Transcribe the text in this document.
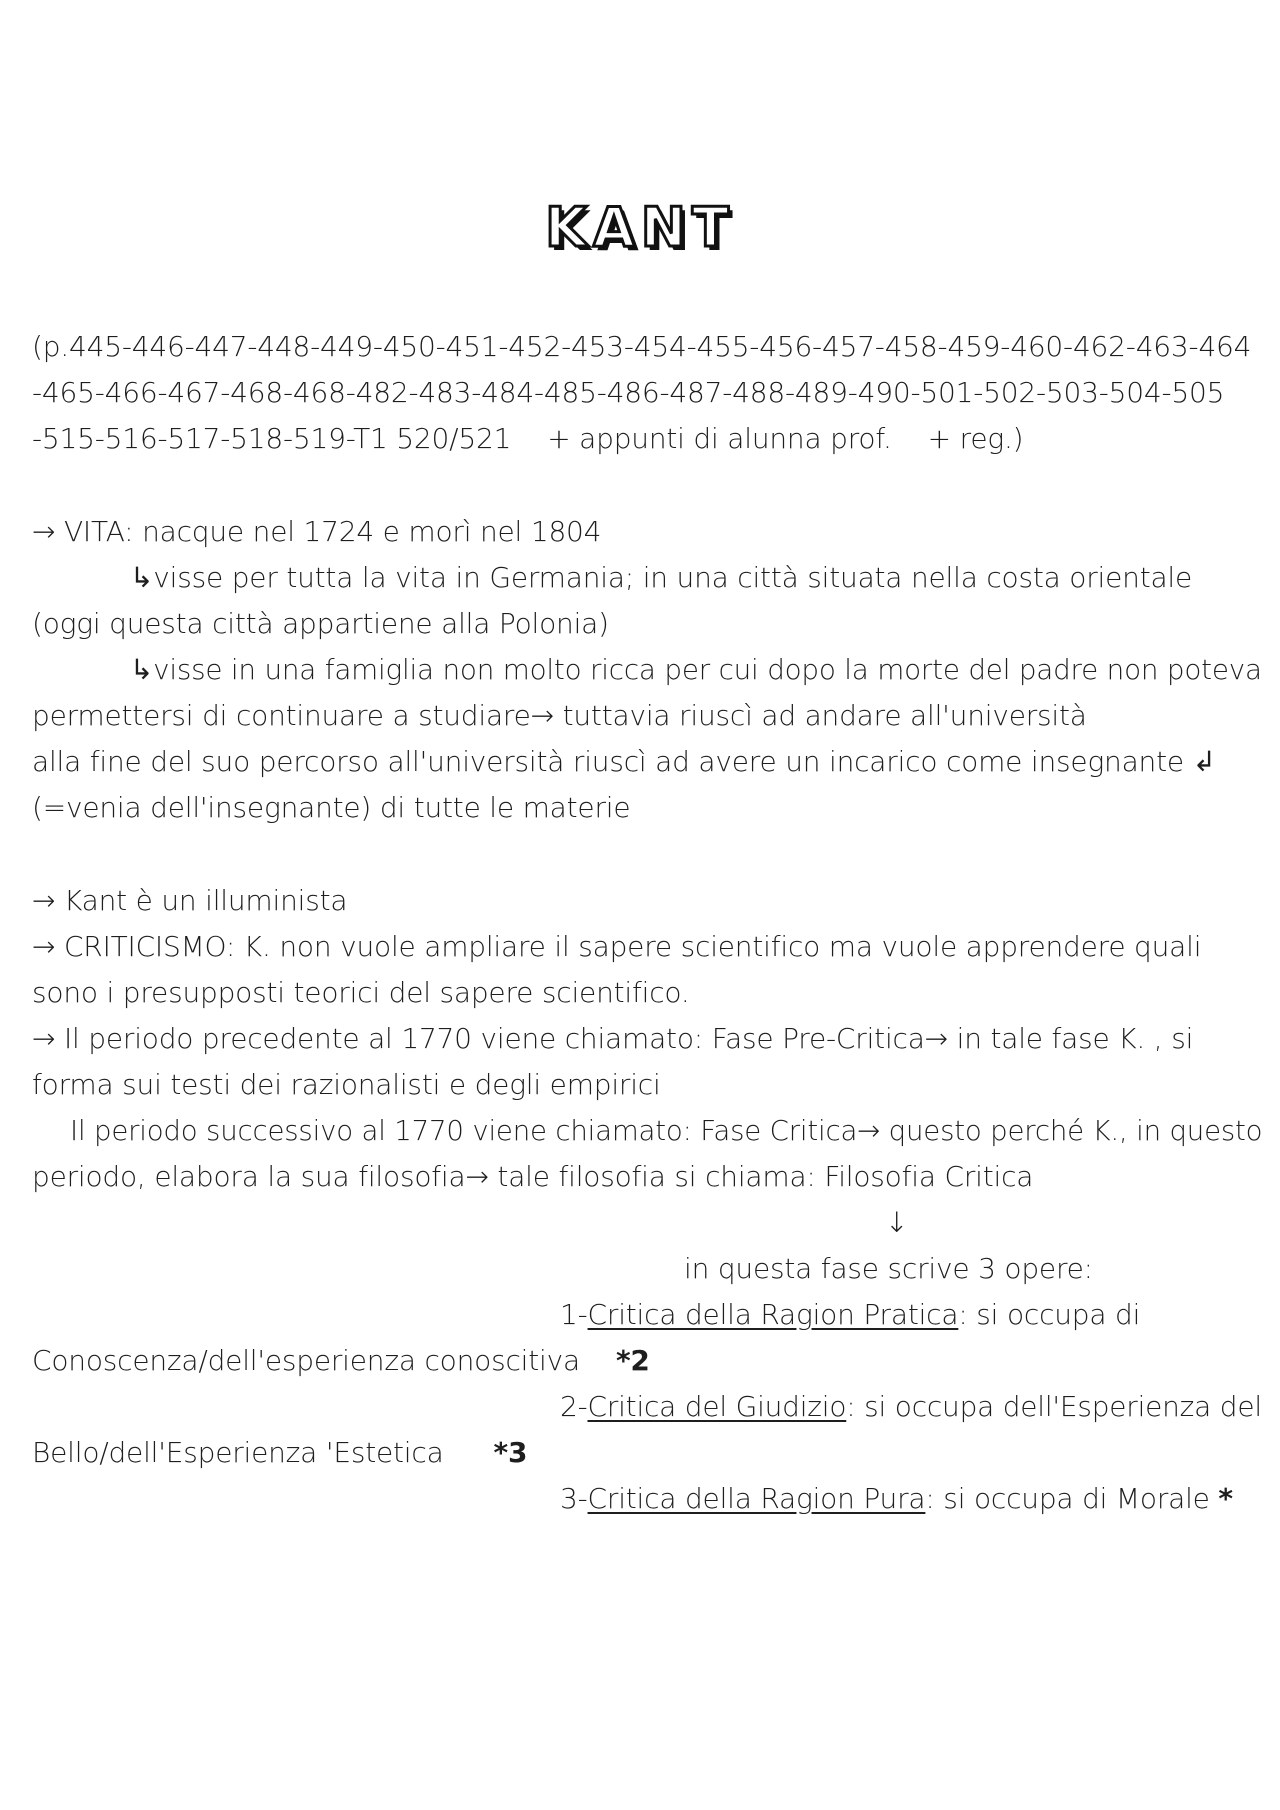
KANT
(p.445-446-447-448-449-450-451-452-453-454-455-456-457-458-459-460-462-463-464
-465-466-467-468-468-482-483-484-485-486-487-488-489-490-501-502-503-504-505
-515-516-517-518-519-T1 520/521 + appunti di alunna prof. + reg.)
→ VITA: nacque nel 1724 e morì nel 1804
↳visse per tutta la vita in Germania; in una città situata nella costa orientale
(oggi questa città appartiene alla Polonia)
↳visse in una famiglia non molto ricca per cui dopo la morte del padre non poteva
permettersi di continuare a studiare→ tuttavia riuscì ad andare all'università
alla fine del suo percorso all'università riuscì ad avere un incarico come insegnante ↲
(=venia dell'insegnante) di tutte le materie
→ Kant è un illuminista
→ CRITICISMO: K. non vuole ampliare il sapere scientifico ma vuole apprendere quali
sono i presupposti teorici del sapere scientifico.
→ Il periodo precedente al 1770 viene chiamato: Fase Pre-Critica→ in tale fase K. , si
forma sui testi dei razionalisti e degli empirici
Il periodo successivo al 1770 viene chiamato: Fase Critica→ questo perché K., in questo
periodo, elabora la sua filosofia→ tale filosofia si chiama: Filosofia Critica
↓
in questa fase scrive 3 opere:
1-Critica della Ragion Pratica: si occupa di
Conoscenza/dell'esperienza conoscitiva *2
2-Critica del Giudizio: si occupa dell'Esperienza del
Bello/dell'Esperienza 'Estetica *3
3-Critica della Ragion Pura: si occupa di Morale *
